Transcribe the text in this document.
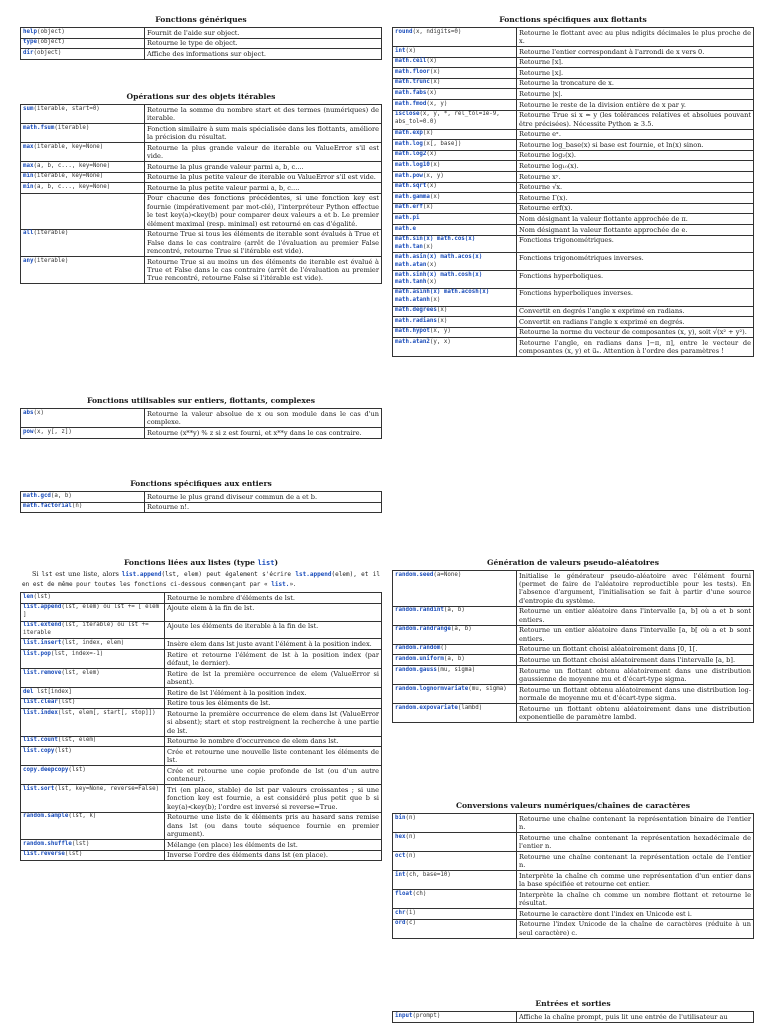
Fonctions génériques
help(object)	Fournit de l'aide sur object.
type(object)	Retourne le type de object.
dir(object)	Affiche des informations sur object.
Opérations sur des objets itérables
sum(iterable, start=0)	Retourne la somme du nombre start et des termes (numériques) de iterable.
math.fsum(iterable)	Fonction similaire à sum mais spécialisée dans les flottants, améliore la précision du résultat.
max(iterable, key=None)	Retourne la plus grande valeur de iterable ou ValueError s'il est vide.
max(a, b, c..., key=None)	Retourne la plus grande valeur parmi a, b, c....
min(iterable, key=None)	Retourne la plus petite valeur de iterable ou ValueError s'il est vide.
min(a, b, c..., key=None)	Retourne la plus petite valeur parmi a, b, c....
	Pour chacune des fonctions précédentes, si une fonction key est fournie (impérativement par mot-clé), l'interpréteur Python effectue le test key(a)<key(b) pour comparer deux valeurs a et b. Le premier élément maximal (resp. minimal) est retourné en cas d'égalité.
all(iterable)	Retourne True si tous les éléments de iterable sont évalués à True et False dans le cas contraire (arrêt de l'évaluation au premier False rencontré, retourne True si l'itérable est vide).
any(iterable)	Retourne True si au moins un des éléments de iterable est évalué à True et False dans le cas contraire (arrêt de l'évaluation au premier True rencontré, retourne False si l'itérable est vide).
Fonctions utilisables sur entiers, flottants, complexes
abs(x)	Retourne la valeur absolue de x ou son module dans le cas d'un complexe.
pow(x, y[, z])	Retourne (x**y) % z si z est fourni, et x**y dans le cas contraire.
Fonctions spécifiques aux entiers
math.gcd(a, b)	Retourne le plus grand diviseur commun de a et b.
math.factorial(n)	Retourne n!.
Fonctions liées aux listes (type list)
Si lst est une liste, alors list.append(lst, elem) peut également s'écrire lst.append(elem), et il en est de même pour toutes les fonctions ci-dessous commençant par « list.».
len(lst)	Retourne le nombre d'éléments de lst.
list.append(lst, elem) ou lst += [ elem ]	Ajoute elem à la fin de lst.
list.extend(lst, iterable) ou lst += iterable	Ajoute les éléments de iterable à la fin de lst.
list.insert(lst, index, elem)	Insère elem dans lst juste avant l'élément à la position index.
list.pop(lst, index=-1)	Retire et retourne l'élément de lst à la position index (par défaut, le dernier).
list.remove(lst, elem)	Retire de lst la première occurrence de elem (ValueError si absent).
del lst[index]	Retire de lst l'élément à la position index.
list.clear(lst)	Retire tous les éléments de lst.
list.index(lst, elem[, start[, stop]])	Retourne la première occurrence de elem dans lst (ValueError si absent); start et stop restreignent la recherche à une partie de lst.
list.count(lst, elem)	Retourne le nombre d'occurrence de elem dans lst.
list.copy(lst)	Crée et retourne une nouvelle liste contenant les éléments de lst.
copy.deepcopy(lst)	Crée et retourne une copie profonde de lst (ou d'un autre conteneur).
list.sort(lst, key=None, reverse=False)	Tri (en place, stable) de lst par valeurs croissantes ; si une fonction key est fournie, a est considéré plus petit que b si key(a)<key(b); l'ordre est inversé si reverse=True.
random.sample(lst, k)	Retourne une liste de k éléments pris au hasard sans remise dans lst (ou dans toute séquence fournie en premier argument).
random.shuffle(lst)	Mélange (en place) les éléments de lst.
list.reverse(lst)	Inverse l'ordre des éléments dans lst (en place).
Fonctions spécifiques aux flottants
round(x, ndigits=0)	Retourne le flottant avec au plus ndigits décimales le plus proche de x.
int(x)	Retourne l'entier correspondant à l'arrondi de x vers 0.
math.ceil(x)	Retourne ⌈x⌉.
math.floor(x)	Retourne ⌊x⌋.
math.trunc(x)	Retourne la troncature de x.
math.fabs(x)	Retourne |x|.
math.fmod(x, y)	Retourne le reste de la division entière de x par y.
isclose(x, y, *, rel_tol=1e-9, abs_tol=0.0)	Retourne True si x ≃ y (les tolérances relatives et absolues pouvant être précisées). Nécessite Python ≥ 3.5.
math.exp(x)	Retourne eˣ.
math.log(x[, base])	Retourne log_base(x) si base est fournie, et ln(x) sinon.
math.log2(x)	Retourne log₂(x).
math.log10(x)	Retourne log₁₀(x).
math.pow(x, y)	Retourne xʸ.
math.sqrt(x)	Retourne √x.
math.gamma(x)	Retourne Γ(x).
math.erf(x)	Retourne erf(x).
math.pi	Nom désignant la valeur flottante approchée de π.
math.e	Nom désignant la valeur flottante approchée de e.
math.sin(x) math.cos(x) math.tan(x)	Fonctions trigonométriques.
math.asin(x) math.acos(x) math.atan(x)	Fonctions trigonométriques inverses.
math.sinh(x) math.cosh(x) math.tanh(x)	Fonctions hyperboliques.
math.asinh(x) math.acosh(x) math.atanh(x)	Fonctions hyperboliques inverses.
math.degrees(x)	Convertit en degrés l'angle x exprimé en radians.
math.radians(x)	Convertit en radians l'angle x exprimé en degrés.
math.hypot(x, y)	Retourne la norme du vecteur de composantes (x, y), soit √(x² + y²).
math.atan2(y, x)	Retourne l'angle, en radians dans ]−π, π], entre le vecteur de composantes (x, y) et u⃗ₓ. Attention à l'ordre des paramètres !
Génération de valeurs pseudo-aléatoires
random.seed(a=None)	Initialise le générateur pseudo-aléatoire avec l'élément fourni (permet de faire de l'aléatoire reproductible pour les tests). En l'absence d'argument, l'initialisation se fait à partir d'une source d'entropie du système.
random.randint(a, b)	Retourne un entier aléatoire dans l'intervalle [a, b] où a et b sont entiers.
random.randrange(a, b)	Retourne un entier aléatoire dans l'intervalle [a, b[ où a et b sont entiers.
random.random()	Retourne un flottant choisi aléatoirement dans [0, 1[.
random.uniform(a, b)	Retourne un flottant choisi aléatoirement dans l'intervalle [a, b].
random.gauss(mu, sigma)	Retourne un flottant obtenu aléatoirement dans une distribution gaussienne de moyenne mu et d'écart-type sigma.
random.lognormvariate(mu, sigma)	Retourne un flottant obtenu aléatoirement dans une distribution log-normale de moyenne mu et d'écart-type sigma.
random.expovariate(lambd)	Retourne un flottant obtenu aléatoirement dans une distribution exponentielle de paramètre lambd.
Conversions valeurs numériques/chaînes de caractères
bin(n)	Retourne une chaîne contenant la représentation binaire de l'entier n.
hex(n)	Retourne une chaîne contenant la représentation hexadécimale de l'entier n.
oct(n)	Retourne une chaîne contenant la représentation octale de l'entier n.
int(ch, base=10)	Interprète la chaîne ch comme une représentation d'un entier dans la base spécifiée et retourne cet entier.
float(ch)	Interprète la chaîne ch comme un nombre flottant et retourne le résultat.
chr(i)	Retourne le caractère dont l'index en Unicode est i.
ord(c)	Retourne l'index Unicode de la chaîne de caractères (réduite à un seul caractère) c.
Entrées et sorties
input(prompt)	Affiche la chaîne prompt, puis lit une entrée de l'utilisateur au
